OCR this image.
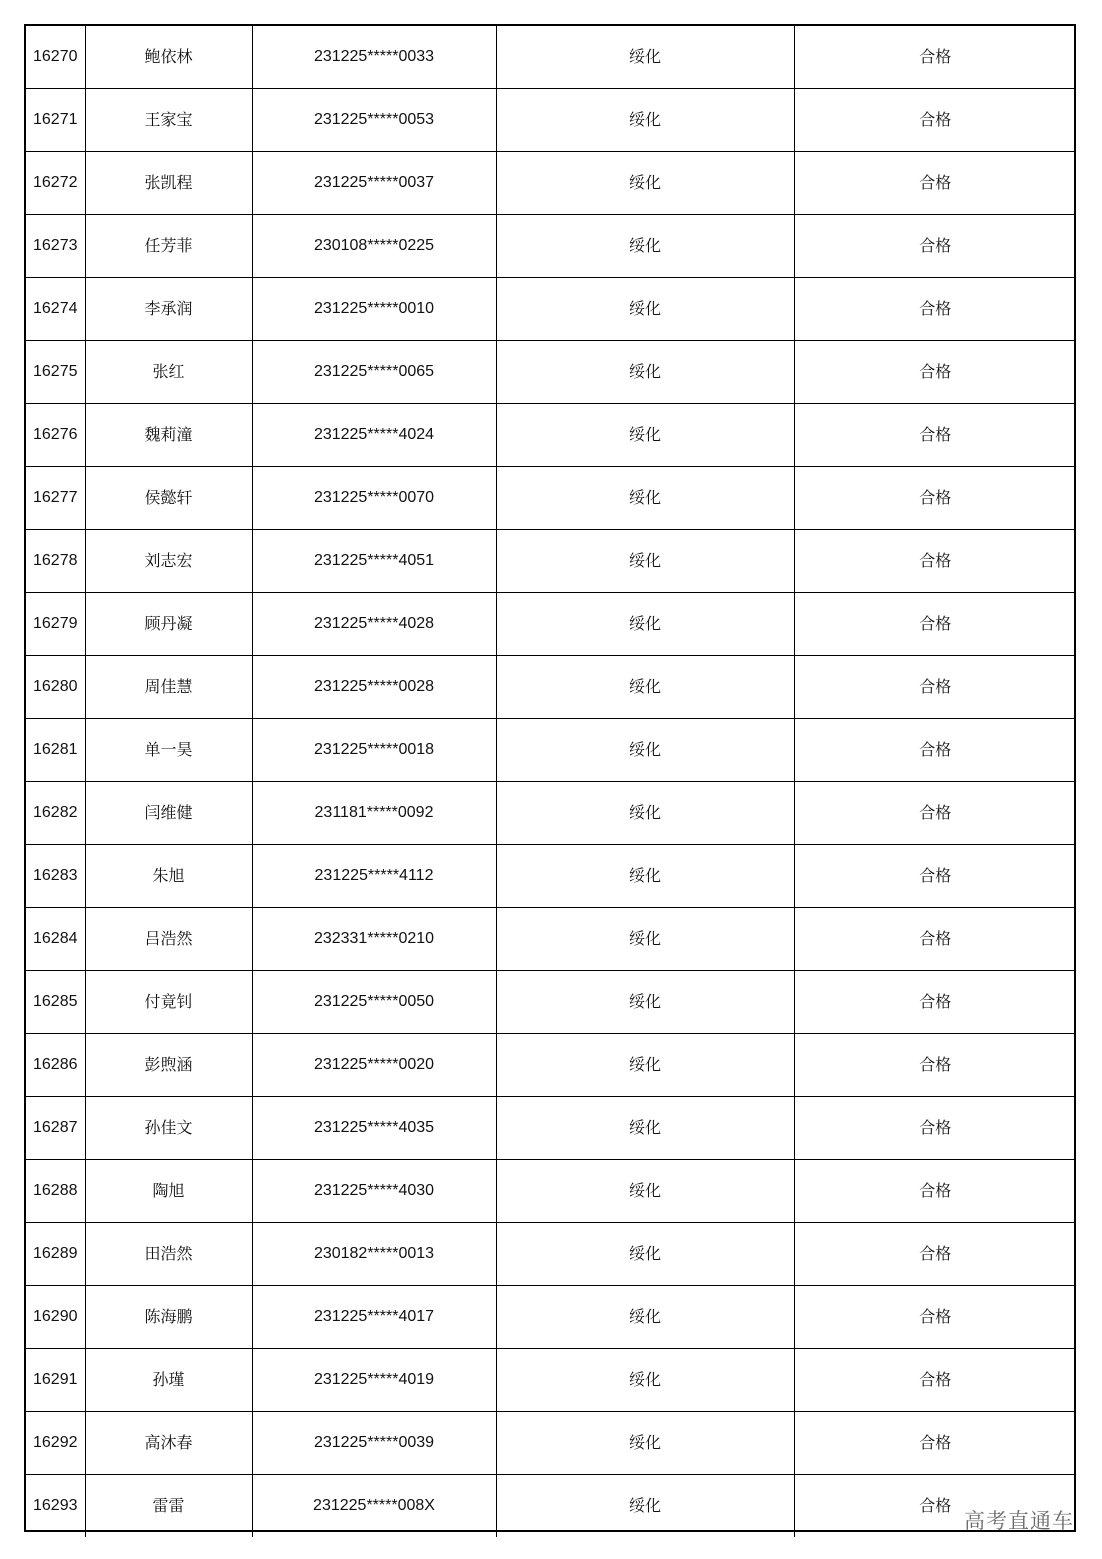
16270	鲍依林	231225*****0033	绥化	合格
16271	王家宝	231225*****0053	绥化	合格
16272	张凯程	231225*****0037	绥化	合格
16273	任芳菲	230108*****0225	绥化	合格
16274	李承润	231225*****0010	绥化	合格
16275	张红	231225*****0065	绥化	合格
16276	魏莉潼	231225*****4024	绥化	合格
16277	侯懿轩	231225*****0070	绥化	合格
16278	刘志宏	231225*****4051	绥化	合格
16279	顾丹凝	231225*****4028	绥化	合格
16280	周佳慧	231225*****0028	绥化	合格
16281	单一昊	231225*****0018	绥化	合格
16282	闫维健	231181*****0092	绥化	合格
16283	朱旭	231225*****4112	绥化	合格
16284	吕浩然	232331*****0210	绥化	合格
16285	付竟钊	231225*****0050	绥化	合格
16286	彭煦涵	231225*****0020	绥化	合格
16287	孙佳文	231225*****4035	绥化	合格
16288	陶旭	231225*****4030	绥化	合格
16289	田浩然	230182*****0013	绥化	合格
16290	陈海鹏	231225*****4017	绥化	合格
16291	孙瑾	231225*****4019	绥化	合格
16292	高沐春	231225*****0039	绥化	合格
16293	雷雷	231225*****008X	绥化	合格
高考直通车
